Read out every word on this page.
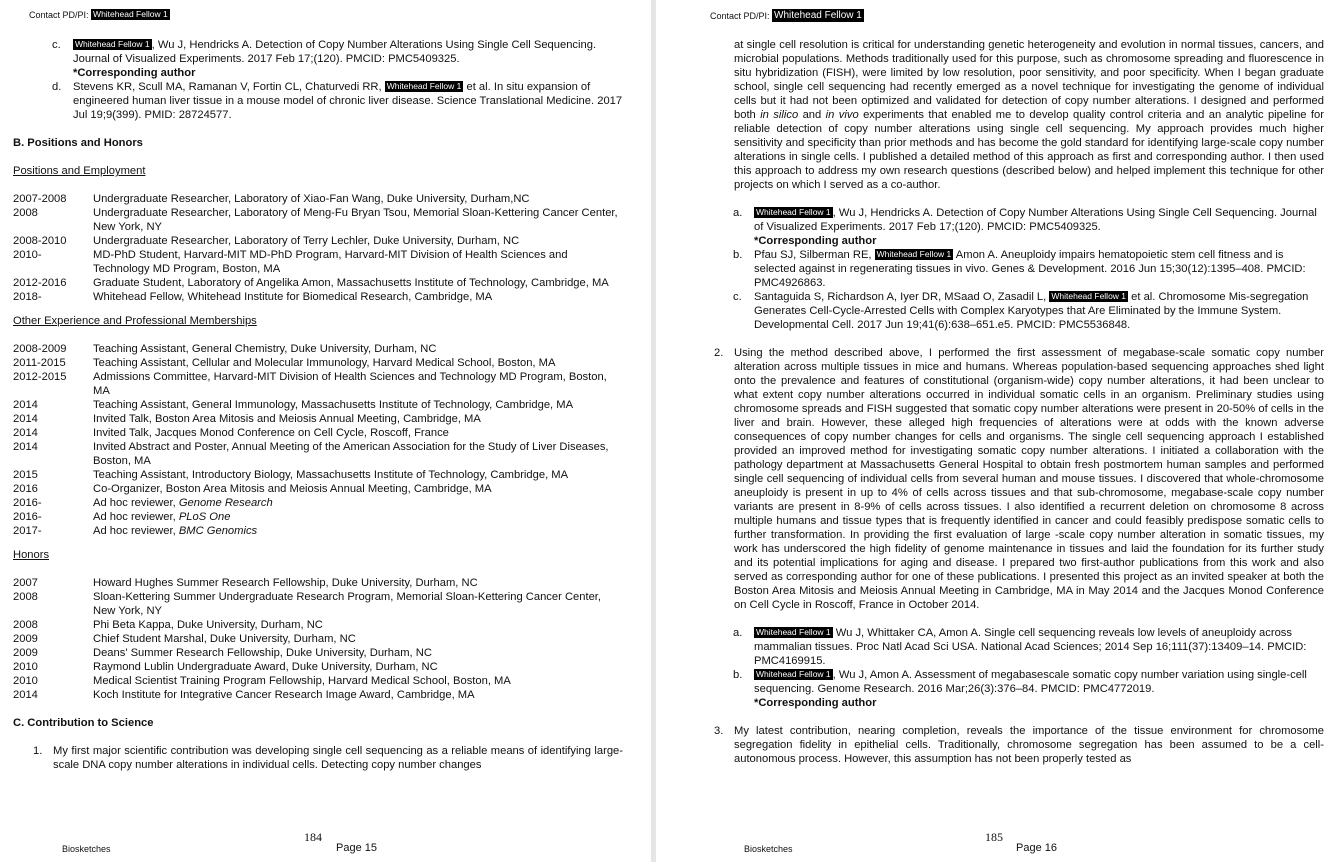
Contact PD/PI: Whitehead Fellow 1
c. Whitehead Fellow 1 , Wu J, Hendricks A. Detection of Copy Number Alterations Using Single Cell Sequencing. Journal of Visualized Experiments. 2017 Feb 17;(120). PMCID: PMC5409325.
*Corresponding author
d. Stevens KR, Scull MA, Ramanan V, Fortin CL, Chaturvedi RR, Whitehead Fellow 1 et al. In situ expansion of engineered human liver tissue in a mouse model of chronic liver disease. Science Translational Medicine. 2017 Jul 19;9(399). PMID: 28724577.
B. Positions and Honors
Positions and Employment
2007-2008	Undergraduate Researcher, Laboratory of Xiao-Fan Wang, Duke University, Durham,NC
2008	Undergraduate Researcher, Laboratory of Meng-Fu Bryan Tsou, Memorial Sloan-Kettering Cancer Center, New York, NY
2008-2010	Undergraduate Researcher, Laboratory of Terry Lechler, Duke University, Durham, NC
2010-	MD-PhD Student, Harvard-MIT MD-PhD Program, Harvard-MIT Division of Health Sciences and Technology MD Program, Boston, MA
2012-2016	Graduate Student, Laboratory of Angelika Amon, Massachusetts Institute of Technology, Cambridge, MA
2018-	Whitehead Fellow, Whitehead Institute for Biomedical Research, Cambridge, MA
Other Experience and Professional Memberships
2008-2009	Teaching Assistant, General Chemistry, Duke University, Durham, NC
2011-2015	Teaching Assistant, Cellular and Molecular Immunology, Harvard Medical School, Boston, MA
2012-2015	Admissions Committee, Harvard-MIT Division of Health Sciences and Technology MD Program, Boston, MA
2014	Teaching Assistant, General Immunology, Massachusetts Institute of Technology, Cambridge, MA
2014	Invited Talk, Boston Area Mitosis and Meiosis Annual Meeting, Cambridge, MA
2014	Invited Talk, Jacques Monod Conference on Cell Cycle, Roscoff, France
2014	Invited Abstract and Poster, Annual Meeting of the American Association for the Study of Liver Diseases, Boston, MA
2015	Teaching Assistant, Introductory Biology, Massachusetts Institute of Technology, Cambridge, MA
2016	Co-Organizer, Boston Area Mitosis and Meiosis Annual Meeting, Cambridge, MA
2016-	Ad hoc reviewer, Genome Research
2016-	Ad hoc reviewer, PLoS One
2017-	Ad hoc reviewer, BMC Genomics
Honors
2007	Howard Hughes Summer Research Fellowship, Duke University, Durham, NC
2008	Sloan-Kettering Summer Undergraduate Research Program, Memorial Sloan-Kettering Cancer Center, New York, NY
2008	Phi Beta Kappa, Duke University, Durham, NC
2009	Chief Student Marshal, Duke University, Durham, NC
2009	Deans' Summer Research Fellowship, Duke University, Durham, NC
2010	Raymond Lublin Undergraduate Award, Duke University, Durham, NC
2010	Medical Scientist Training Program Fellowship, Harvard Medical School, Boston, MA
2014	Koch Institute for Integrative Cancer Research Image Award, Cambridge, MA
C. Contribution to Science
1. My first major scientific contribution was developing single cell sequencing as a reliable means of identifying large-scale DNA copy number alterations in individual cells. Detecting copy number changes
184
Biosketches	Page 15
Contact PD/PI: Whitehead Fellow 1
at single cell resolution is critical for understanding genetic heterogeneity and evolution in normal tissues, cancers, and microbial populations. Methods traditionally used for this purpose, such as chromosome spreading and fluorescence in situ hybridization (FISH), were limited by low resolution, poor sensitivity, and poor specificity. When I began graduate school, single cell sequencing had recently emerged as a novel technique for investigating the genome of individual cells but it had not been optimized and validated for detection of copy number alterations. I designed and performed both in silico and in vivo experiments that enabled me to develop quality control criteria and an analytic pipeline for reliable detection of copy number alterations using single cell sequencing. My approach provides much higher sensitivity and specificity than prior methods and has become the gold standard for identifying large-scale copy number alterations in single cells. I published a detailed method of this approach as first and corresponding author. I then used this approach to address my own research questions (described below) and helped implement this technique for other projects on which I served as a co-author.
a. Whitehead Fellow 1 , Wu J, Hendricks A. Detection of Copy Number Alterations Using Single Cell Sequencing. Journal of Visualized Experiments. 2017 Feb 17;(120). PMCID: PMC5409325.
*Corresponding author
b. Pfau SJ, Silberman RE, Whitehead Fellow 1 Amon A. Aneuploidy impairs hematopoietic stem cell fitness and is selected against in regenerating tissues in vivo. Genes & Development. 2016 Jun 15;30(12):1395–408. PMCID: PMC4926863.
c. Santaguida S, Richardson A, Iyer DR, MSaad O, Zasadil L, Whitehead Fellow 1 et al. Chromosome Mis-segregation Generates Cell-Cycle-Arrested Cells with Complex Karyotypes that Are Eliminated by the Immune System. Developmental Cell. 2017 Jun 19;41(6):638–651.e5. PMCID: PMC5536848.
2. Using the method described above, I performed the first assessment of megabase-scale somatic copy number alteration across multiple tissues in mice and humans. Whereas population-based sequencing approaches shed light onto the prevalence and features of constitutional (organism-wide) copy number alterations, it had been unclear to what extent copy number alterations occurred in individual somatic cells in an organism. Preliminary studies using chromosome spreads and FISH suggested that somatic copy number alterations were present in 20-50% of cells in the liver and brain. However, these alleged high frequencies of alterations were at odds with the known adverse consequences of copy number changes for cells and organisms. The single cell sequencing approach I established provided an improved method for investigating somatic copy number alterations. I initiated a collaboration with the pathology department at Massachusetts General Hospital to obtain fresh postmortem human samples and performed single cell sequencing of individual cells from several human and mouse tissues. I discovered that whole-chromosome aneuploidy is present in up to 4% of cells across tissues and that sub-chromosome, megabase-scale copy number variants are present in 8-9% of cells across tissues. I also identified a recurrent deletion on chromosome 8 across multiple humans and tissue types that is frequently identified in cancer and could feasibly predispose somatic cells to further transformation. In providing the first evaluation of large -scale copy number alteration in somatic tissues, my work has underscored the high fidelity of genome maintenance in tissues and laid the foundation for its further study and its potential implications for aging and disease. I prepared two first-author publications from this work and also served as corresponding author for one of these publications. I presented this project as an invited speaker at both the Boston Area Mitosis and Meiosis Annual Meeting in Cambridge, MA in May 2014 and the Jacques Monod Conference on Cell Cycle in Roscoff, France in October 2014.
a. Whitehead Fellow 1 Wu J, Whittaker CA, Amon A. Single cell sequencing reveals low levels of aneuploidy across mammalian tissues. Proc Natl Acad Sci USA. National Acad Sciences; 2014 Sep 16;111(37):13409–14. PMCID: PMC4169915.
b. Whitehead Fellow 1 , Wu J, Amon A. Assessment of megabasescale somatic copy number variation using single-cell sequencing. Genome Research. 2016 Mar;26(3):376–84. PMCID: PMC4772019.
*Corresponding author
3. My latest contribution, nearing completion, reveals the importance of the tissue environment for chromosome segregation fidelity in epithelial cells. Traditionally, chromosome segregation has been assumed to be a cell-autonomous process. However, this assumption has not been properly tested as
185
Biosketches	Page 16
